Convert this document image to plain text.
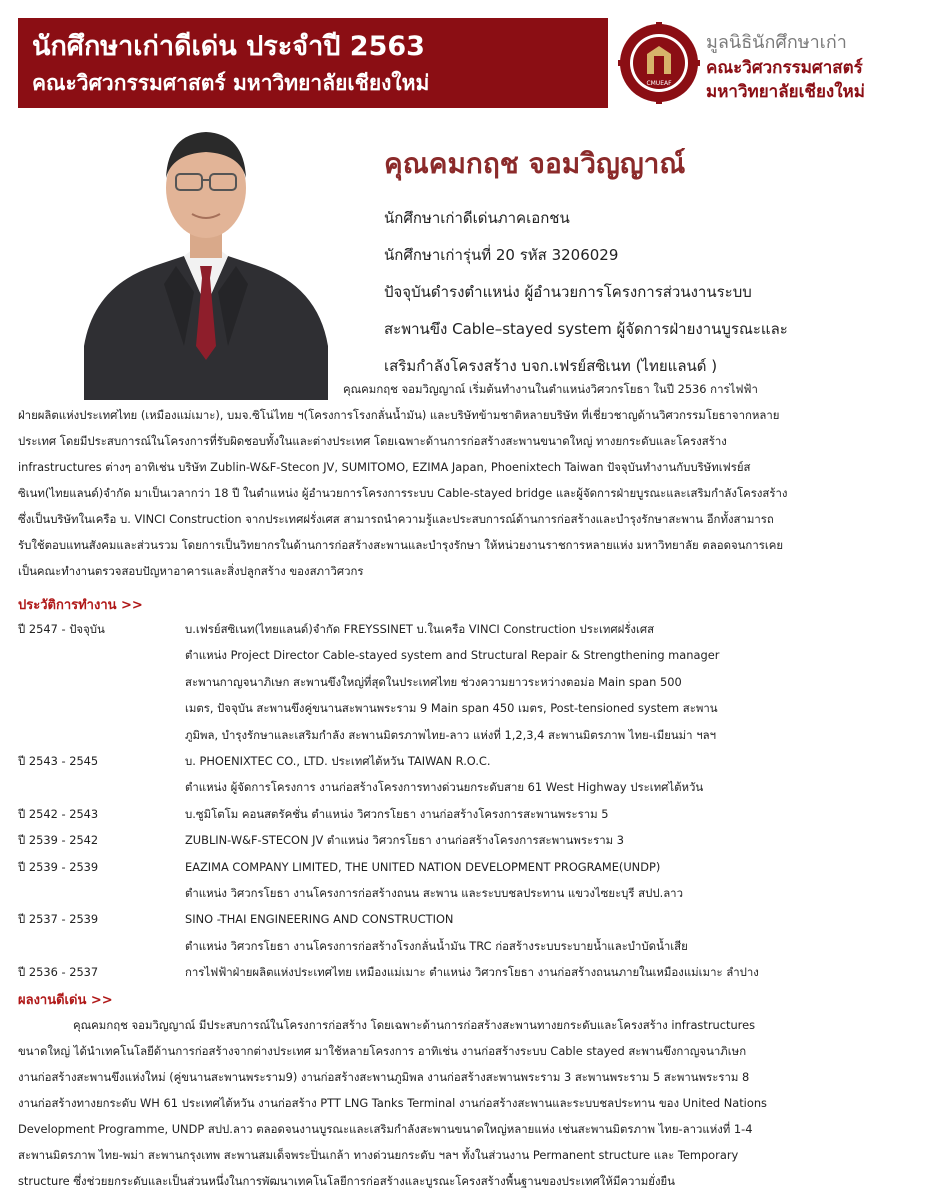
นักศึกษาเก่าดีเด่น ประจำปี 2563
คณะวิศวกรรมศาสตร์ มหาวิทยาลัยเชียงใหม่	CMUEAF
มูลนิธินักศึกษาเก่า
คณะวิศวกรรมศาสตร์
มหาวิทยาลัยเชียงใหม่
คุณคมกฤช จอมวิญญาณ์
นักศึกษาเก่าดีเด่นภาคเอกชน
นักศึกษาเก่ารุ่นที่ 20 รหัส 3206029
ปัจจุบันดำรงตำแหน่ง ผู้อำนวยการโครงการส่วนงานระบบ
สะพานขึง Cable–stayed system ผู้จัดการฝ่ายงานบูรณะและ
เสริมกำลังโครงสร้าง บจก.เฟรย์สซิเนท (ไทยแลนด์ )
คุณคมกฤช จอมวิญญาณ์ เริ่มต้นทำงานในตำแหน่งวิศวกรโยธา ในปี 2536 การไฟฟ้า
ฝ่ายผลิตแห่งประเทศไทย (เหมืองแม่เมาะ), บมจ.ซิโน่ไทย ฯ(โครงการโรงกลั่นน้ำมัน) และบริษัทข้ามชาติหลายบริษัท ที่เชี่ยวชาญด้านวิศวกรรมโยธาจากหลาย
ประเทศ โดยมีประสบการณ์ในโครงการที่รับผิดชอบทั้งในและต่างประเทศ โดยเฉพาะด้านการก่อสร้างสะพานขนาดใหญ่ ทางยกระดับและโครงสร้าง
infrastructures ต่างๆ อาทิเช่น บริษัท Zublin-W&F-Stecon JV, SUMITOMO, EZIMA Japan, Phoenixtech Taiwan ปัจจุบันทำงานกับบริษัทเฟรย์ส
ซิเนท(ไทยแลนด์)จำกัด มาเป็นเวลากว่า 18 ปี ในตำแหน่ง ผู้อำนวยการโครงการระบบ Cable-stayed bridge และผู้จัดการฝ่ายบูรณะและเสริมกำลังโครงสร้าง
ซึ่งเป็นบริษัทในเครือ บ. VINCI Construction จากประเทศฝรั่งเศส สามารถนำความรู้และประสบการณ์ด้านการก่อสร้างและบำรุงรักษาสะพาน อีกทั้งสามารถ
รับใช้ตอบแทนสังคมและส่วนรวม โดยการเป็นวิทยากรในด้านการก่อสร้างสะพานและบำรุงรักษา ให้หน่วยงานราชการหลายแห่ง มหาวิทยาลัย ตลอดจนการเคย
เป็นคณะทำงานตรวจสอบปัญหาอาคารและสิ่งปลูกสร้าง ของสภาวิศวกร
ประวัติการทำงาน >>
ปี 2547 - ปัจจุบัน	บ.เฟรย์สซิเนท(ไทยแลนด์)จำกัด FREYSSINET บ.ในเครือ VINCI Construction ประเทศฝรั่งเศส
ตำแหน่ง Project Director Cable-stayed system and Structural Repair & Strengthening manager
สะพานกาญจนาภิเษก สะพานขึงใหญ่ที่สุดในประเทศไทย ช่วงความยาวระหว่างตอม่อ Main span 500
เมตร, ปัจจุบัน สะพานขึงคู่ขนานสะพานพระราม 9 Main span 450 เมตร, Post-tensioned system สะพาน
ภูมิพล, บำรุงรักษาและเสริมกำลัง สะพานมิตรภาพไทย-ลาว แห่งที่ 1,2,3,4 สะพานมิตรภาพ ไทย-เมียนม่า ฯลฯ
ปี 2543 - 2545	บ. PHOENIXTEC CO., LTD. ประเทศไต้หวัน TAIWAN R.O.C.
ตำแหน่ง ผู้จัดการโครงการ งานก่อสร้างโครงการทางด่วนยกระดับสาย 61 West Highway ประเทศไต้หวัน
ปี 2542 - 2543	บ.ซูมิโตโม คอนสตรัคชั่น ตำแหน่ง วิศวกรโยธา งานก่อสร้างโครงการสะพานพระราม 5
ปี 2539 - 2542	ZUBLIN-W&F-STECON JV ตำแหน่ง วิศวกรโยธา งานก่อสร้างโครงการสะพานพระราม 3
ปี 2539 - 2539	EAZIMA COMPANY LIMITED, THE UNITED NATION DEVELOPMENT PROGRAME(UNDP)
ตำแหน่ง วิศวกรโยธา งานโครงการก่อสร้างถนน สะพาน และระบบชลประทาน แขวงไซยะบุรี สปป.ลาว
ปี 2537 - 2539	SINO -THAI ENGINEERING AND CONSTRUCTION
ตำแหน่ง วิศวกรโยธา งานโครงการก่อสร้างโรงกลั่นน้ำมัน TRC ก่อสร้างระบบระบายน้ำและบำบัดน้ำเสีย
ปี 2536 - 2537	การไฟฟ้าฝ่ายผลิตแห่งประเทศไทย เหมืองแม่เมาะ ตำแหน่ง วิศวกรโยธา งานก่อสร้างถนนภายในเหมืองแม่เมาะ ลำปาง
ผลงานดีเด่น >>
คุณคมกฤช จอมวิญญาณ์ มีประสบการณ์ในโครงการก่อสร้าง โดยเฉพาะด้านการก่อสร้างสะพานทางยกระดับและโครงสร้าง infrastructures
ขนาดใหญ่ ได้นำเทคโนโลยีด้านการก่อสร้างจากต่างประเทศ มาใช้หลายโครงการ อาทิเช่น งานก่อสร้างระบบ Cable stayed สะพานขึงกาญจนาภิเษก
งานก่อสร้างสะพานขึงแห่งใหม่ (คู่ขนานสะพานพระราม9) งานก่อสร้างสะพานภูมิพล งานก่อสร้างสะพานพระราม 3 สะพานพระราม 5 สะพานพระราม 8
งานก่อสร้างทางยกระดับ WH 61 ประเทศไต้หวัน งานก่อสร้าง PTT LNG Tanks Terminal งานก่อสร้างสะพานและระบบชลประทาน ของ United Nations
Development Programme, UNDP สปป.ลาว ตลอดจนงานบูรณะและเสริมกำลังสะพานขนาดใหญ่หลายแห่ง เช่นสะพานมิตรภาพ ไทย-ลาวแห่งที่ 1-4
สะพานมิตรภาพ ไทย-พม่า สะพานกรุงเทพ สะพานสมเด็จพระปิ่นเกล้า ทางด่วนยกระดับ ฯลฯ ทั้งในส่วนงาน Permanent structure และ Temporary
structure ซึ่งช่วยยกระดับและเป็นส่วนหนึ่งในการพัฒนาเทคโนโลยีการก่อสร้างและบูรณะโครงสร้างพื้นฐานของประเทศให้มีความยั่งยืน
